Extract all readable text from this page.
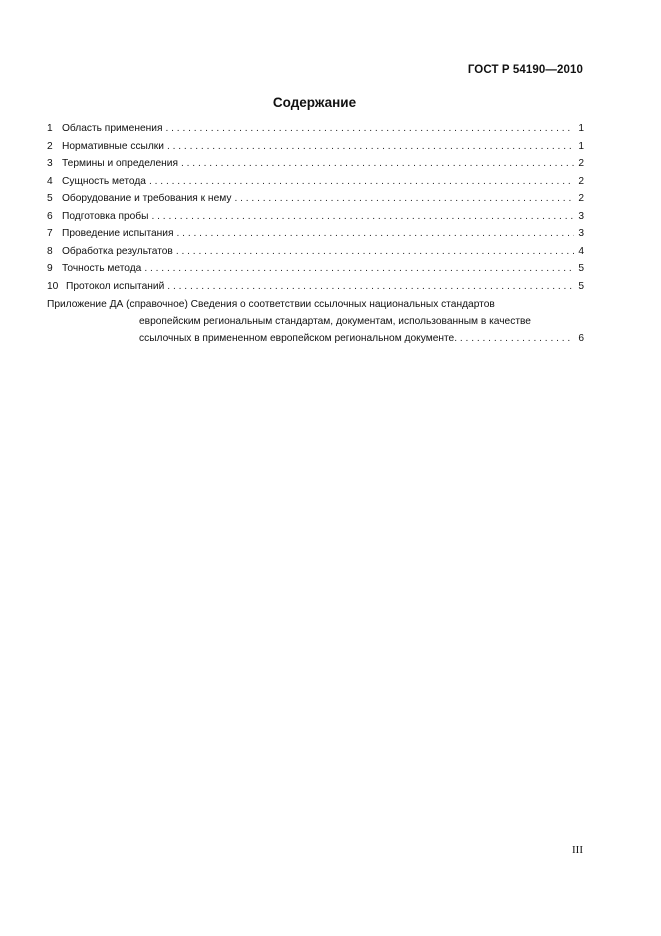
ГОСТ Р 54190—2010
Содержание
1 Область применения . . .	1
2 Нормативные ссылки . . .	1
3 Термины и определения . . .	2
4 Сущность метода . . .	2
5 Оборудование и требования к нему . . .	2
6 Подготовка пробы . . .	3
7 Проведение испытания . . .	3
8 Обработка результатов . . .	4
9 Точность метода . . .	5
10 Протокол испытаний . . .	5
Приложение ДА (справочное) Сведения о соответствии ссылочных национальных стандартов
европейским региональным стандартам, документам, использованным в качестве
ссылочных в примененном европейском региональном документе . . .	6
III
